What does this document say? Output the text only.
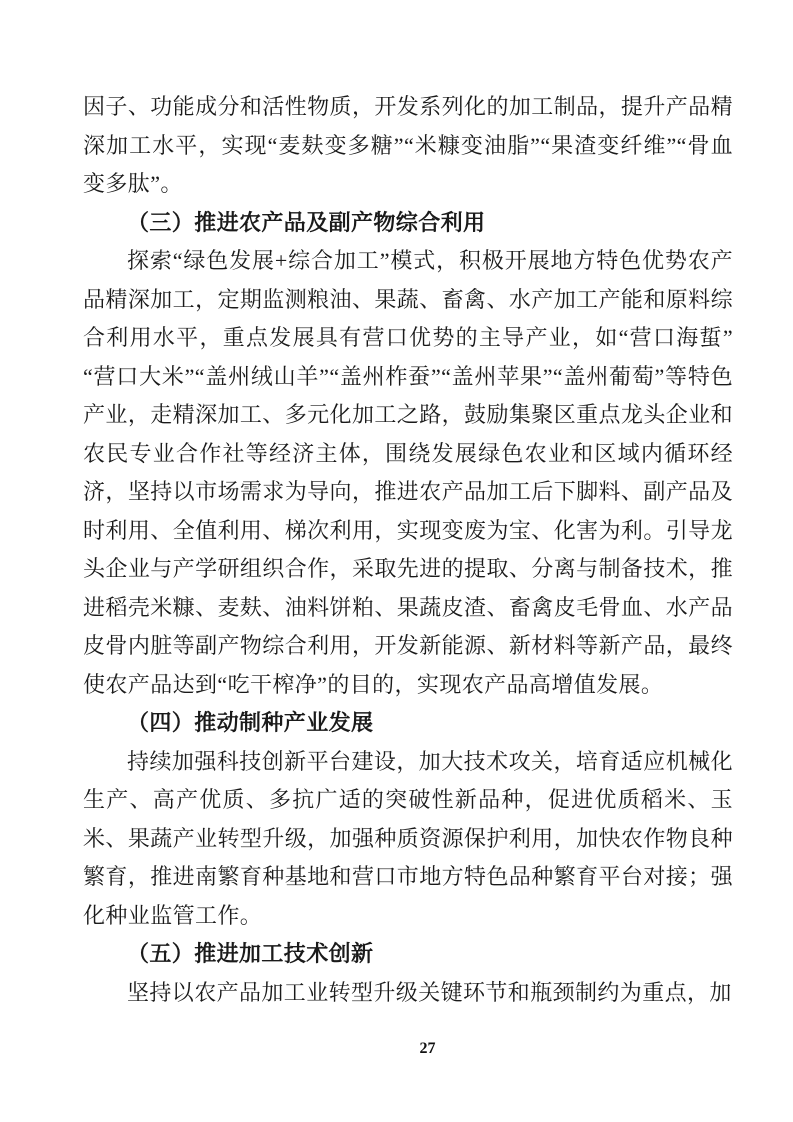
因子、功能成分和活性物质，开发系列化的加工制品，提升产品精深加工水平，实现“麦麸变多糖”“米糠变油脂”“果渣变纤维”“骨血变多肽”。

（三）推进农产品及副产物综合利用

探索“绿色发展+综合加工”模式，积极开展地方特色优势农产品精深加工，定期监测粮油、果蔬、畜禽、水产加工产能和原料综合利用水平，重点发展具有营口优势的主导产业，如“营口海蜇”“营口大米”“盖州绒山羊”“盖州柞蚕”“盖州苹果”“盖州葡萄”等特色产业，走精深加工、多元化加工之路，鼓励集聚区重点龙头企业和农民专业合作社等经济主体，围绕发展绿色农业和区域内循环经济，坚持以市场需求为导向，推进农产品加工后下脚料、副产品及时利用、全值利用、梯次利用，实现变废为宝、化害为利。引导龙头企业与产学研组织合作，采取先进的提取、分离与制备技术，推进稻壳米糠、麦麸、油料饼粕、果蔬皮渣、畜禽皮毛骨血、水产品皮骨内脏等副产物综合利用，开发新能源、新材料等新产品，最终使农产品达到“吃干榨净”的目的，实现农产品高增值发展。

（四）推动制种产业发展

持续加强科技创新平台建设，加大技术攻关，培育适应机械化生产、高产优质、多抗广适的突破性新品种，促进优质稻米、玉米、果蔬产业转型升级，加强种质资源保护利用，加快农作物良种繁育，推进南繁育种基地和营口市地方特色品种繁育平台对接；强化种业监管工作。

（五）推进加工技术创新

坚持以农产品加工业转型升级关键环节和瓶颈制约为重点，加

27
